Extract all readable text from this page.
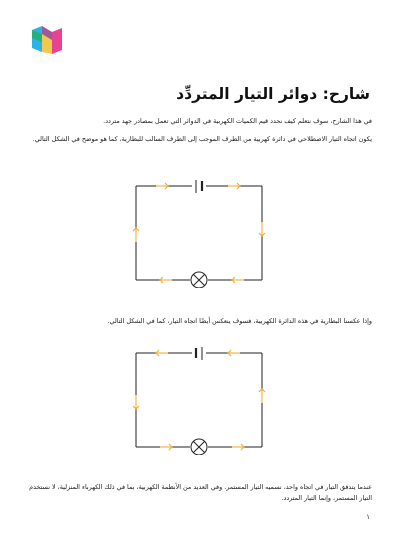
شارح: دوائر التيار المتردِّد

في هذا الشارح، سوف نتعلم كيف نحدد قيم الكميات الكهربية في الدوائر التي تعمل بمصادر جهد متردد.

يكون اتجاه التيار الاصطلاحي في دائرة كهربية من الطرف الموجب إلى الطرف السالب للبطارية، كما هو موضح في الشكل التالي.

وإذا عكسنا البطارية في هذه الدائرة الكهربية، فسوف ينعكس أيضًا اتجاه التيار، كما في الشكل التالي.

عندما يتدفق التيار في اتجاه واحد، نسميه التيار المستمر. وفي العديد من الأنظمة الكهربية، بما في ذلك الكهرباء المنزلية، لا نستخدم التيار المستمر، وإنما التيار المتردد.

١
